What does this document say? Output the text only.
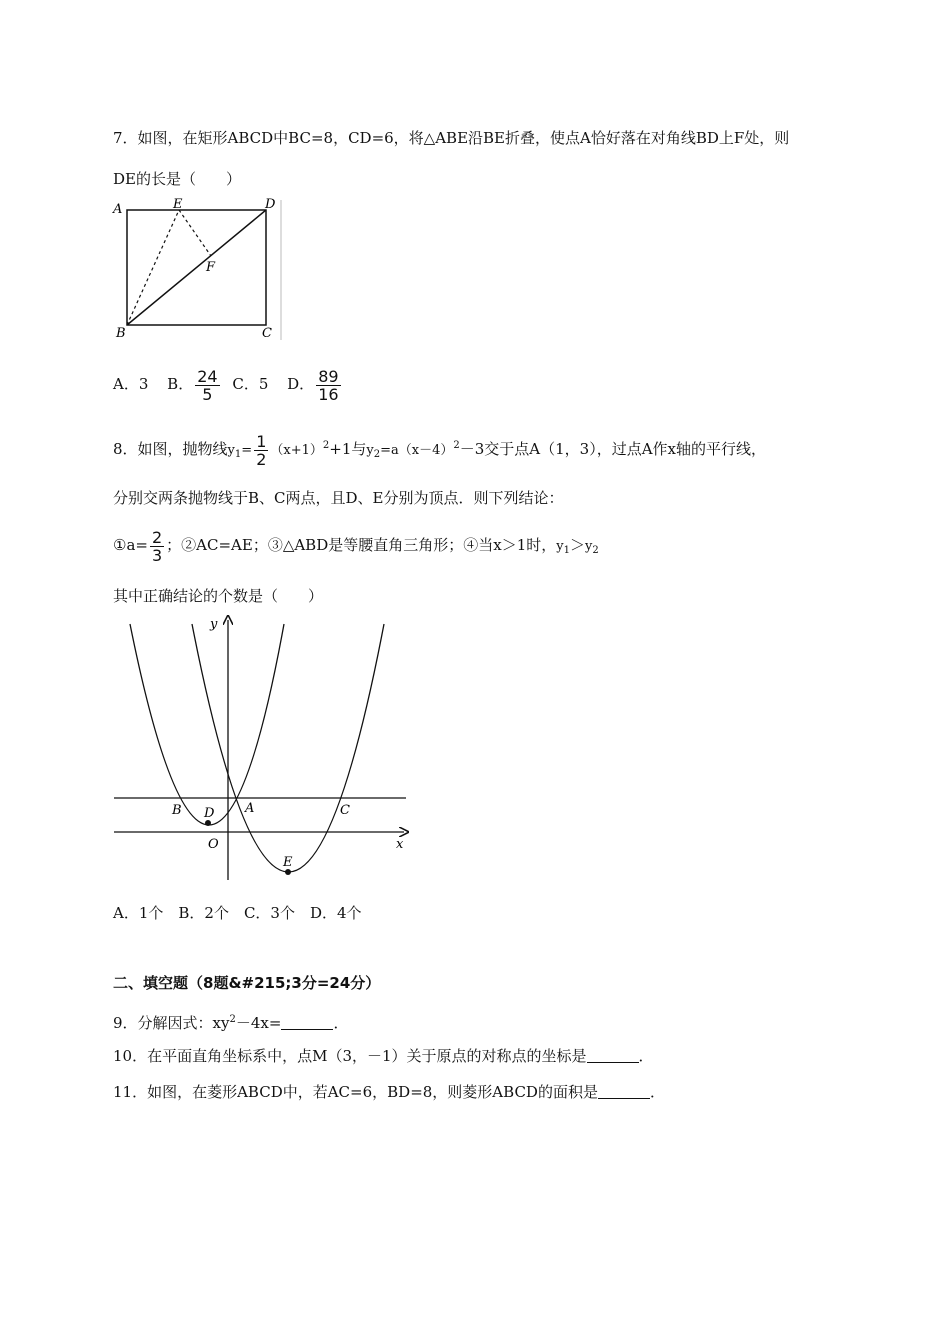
7．如图，在矩形ABCD中BC=8，CD=6，将△ABE沿BE折叠，使点A恰好落在对角线BD上F处，则
DE的长是（　　）
A	E	D
F
B	C
A．3 B． $\frac{24}{5}$ C．5 D． $\frac{89}{16}$
8．如图，抛物线$y_1= \frac{1}{2} (x+1)^2+1$与$y_2=a(x-4)^2-3$交于点A（1，3），过点A作x轴的平行线，
分别交两条抛物线于B、C两点，且D、E分别为顶点．则下列结论：
①a= $\frac{2}{3}$ ；②AC=AE；③△ABD是等腰直角三角形；④当x＞1时，$y_1>y_2$
其中正确结论的个数是（　　）
y
x
O
A
B	C
D
E
A．1个　B．2个　C．3个　D．4个
二、填空题（8题&#215;3分=24分）
9．分解因式：$xy^2-4x=$	．
10．在平面直角坐标系中，点M（3，－1）关于原点的对称点的坐标是	．
11．如图，在菱形ABCD中，若AC=6，BD=8，则菱形ABCD的面积是	．
